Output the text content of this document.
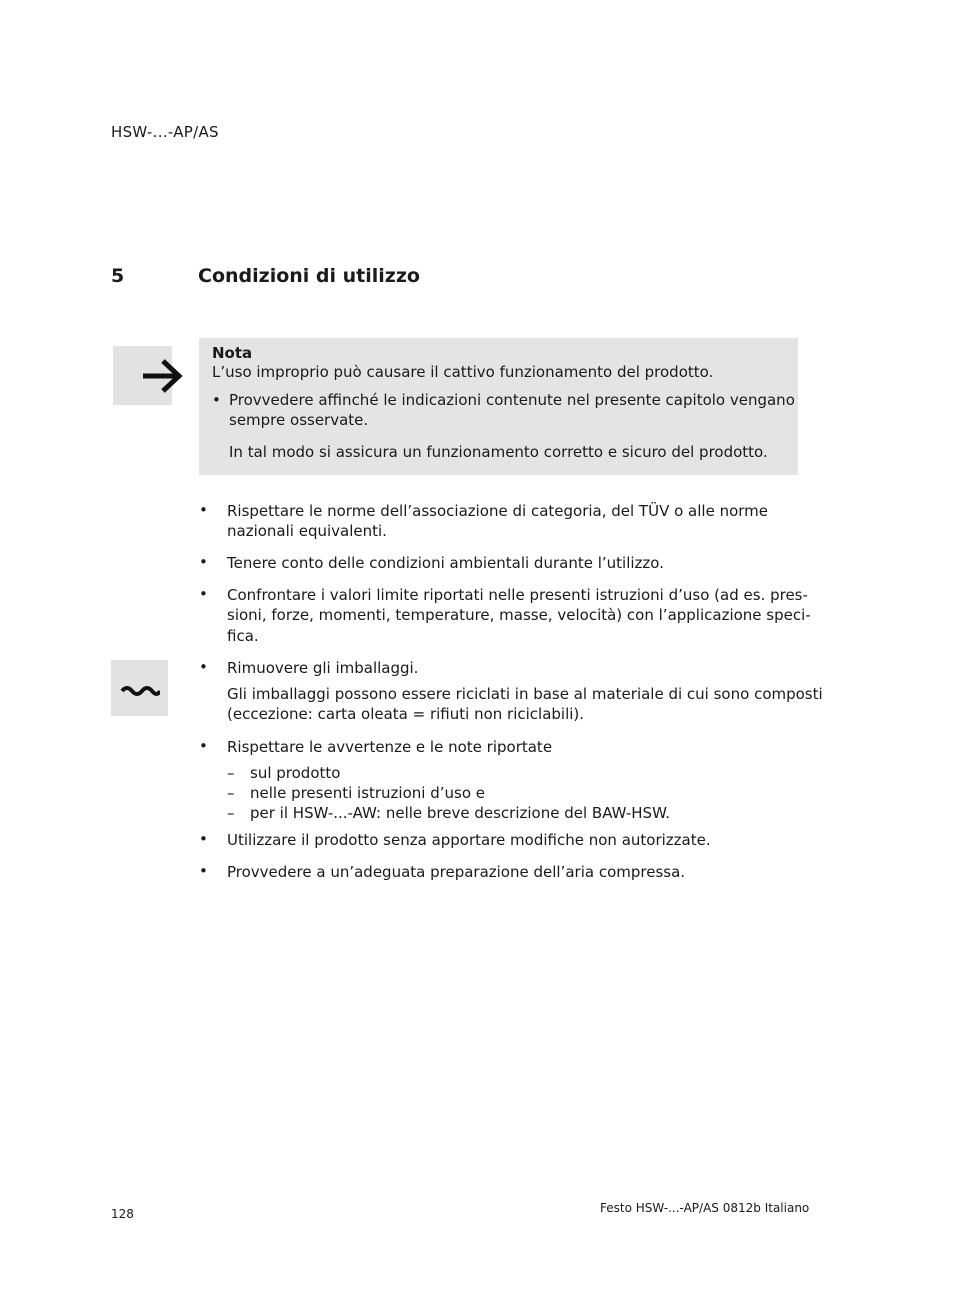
HSW-...-AP/AS
5	Condizioni di utilizzo
Nota
L’uso improprio può causare il cattivo funzionamento del prodotto.
• Provvedere affinché le indicazioni contenute nel presente capitolo vengano
sempre osservate.
In tal modo si assicura un funzionamento corretto e sicuro del prodotto.
• Rispettare le norme dell’associazione di categoria, del TÜV o alle norme
nazionali equivalenti.
• Tenere conto delle condizioni ambientali durante l’utilizzo.
• Confrontare i valori limite riportati nelle presenti istruzioni d’uso (ad es. pres-
sioni, forze, momenti, temperature, masse, velocità) con l’applicazione speci-
fica.
• Rimuovere gli imballaggi.
Gli imballaggi possono essere riciclati in base al materiale di cui sono composti
(eccezione: carta oleata = rifiuti non riciclabili).
• Rispettare le avvertenze e le note riportate
– sul prodotto
– nelle presenti istruzioni d’uso e
– per il HSW-...-AW: nelle breve descrizione del BAW-HSW.
• Utilizzare il prodotto senza apportare modifiche non autorizzate.
• Provvedere a un’adeguata preparazione dell’aria compressa.
128	Festo HSW-...-AP/AS 0812b Italiano
